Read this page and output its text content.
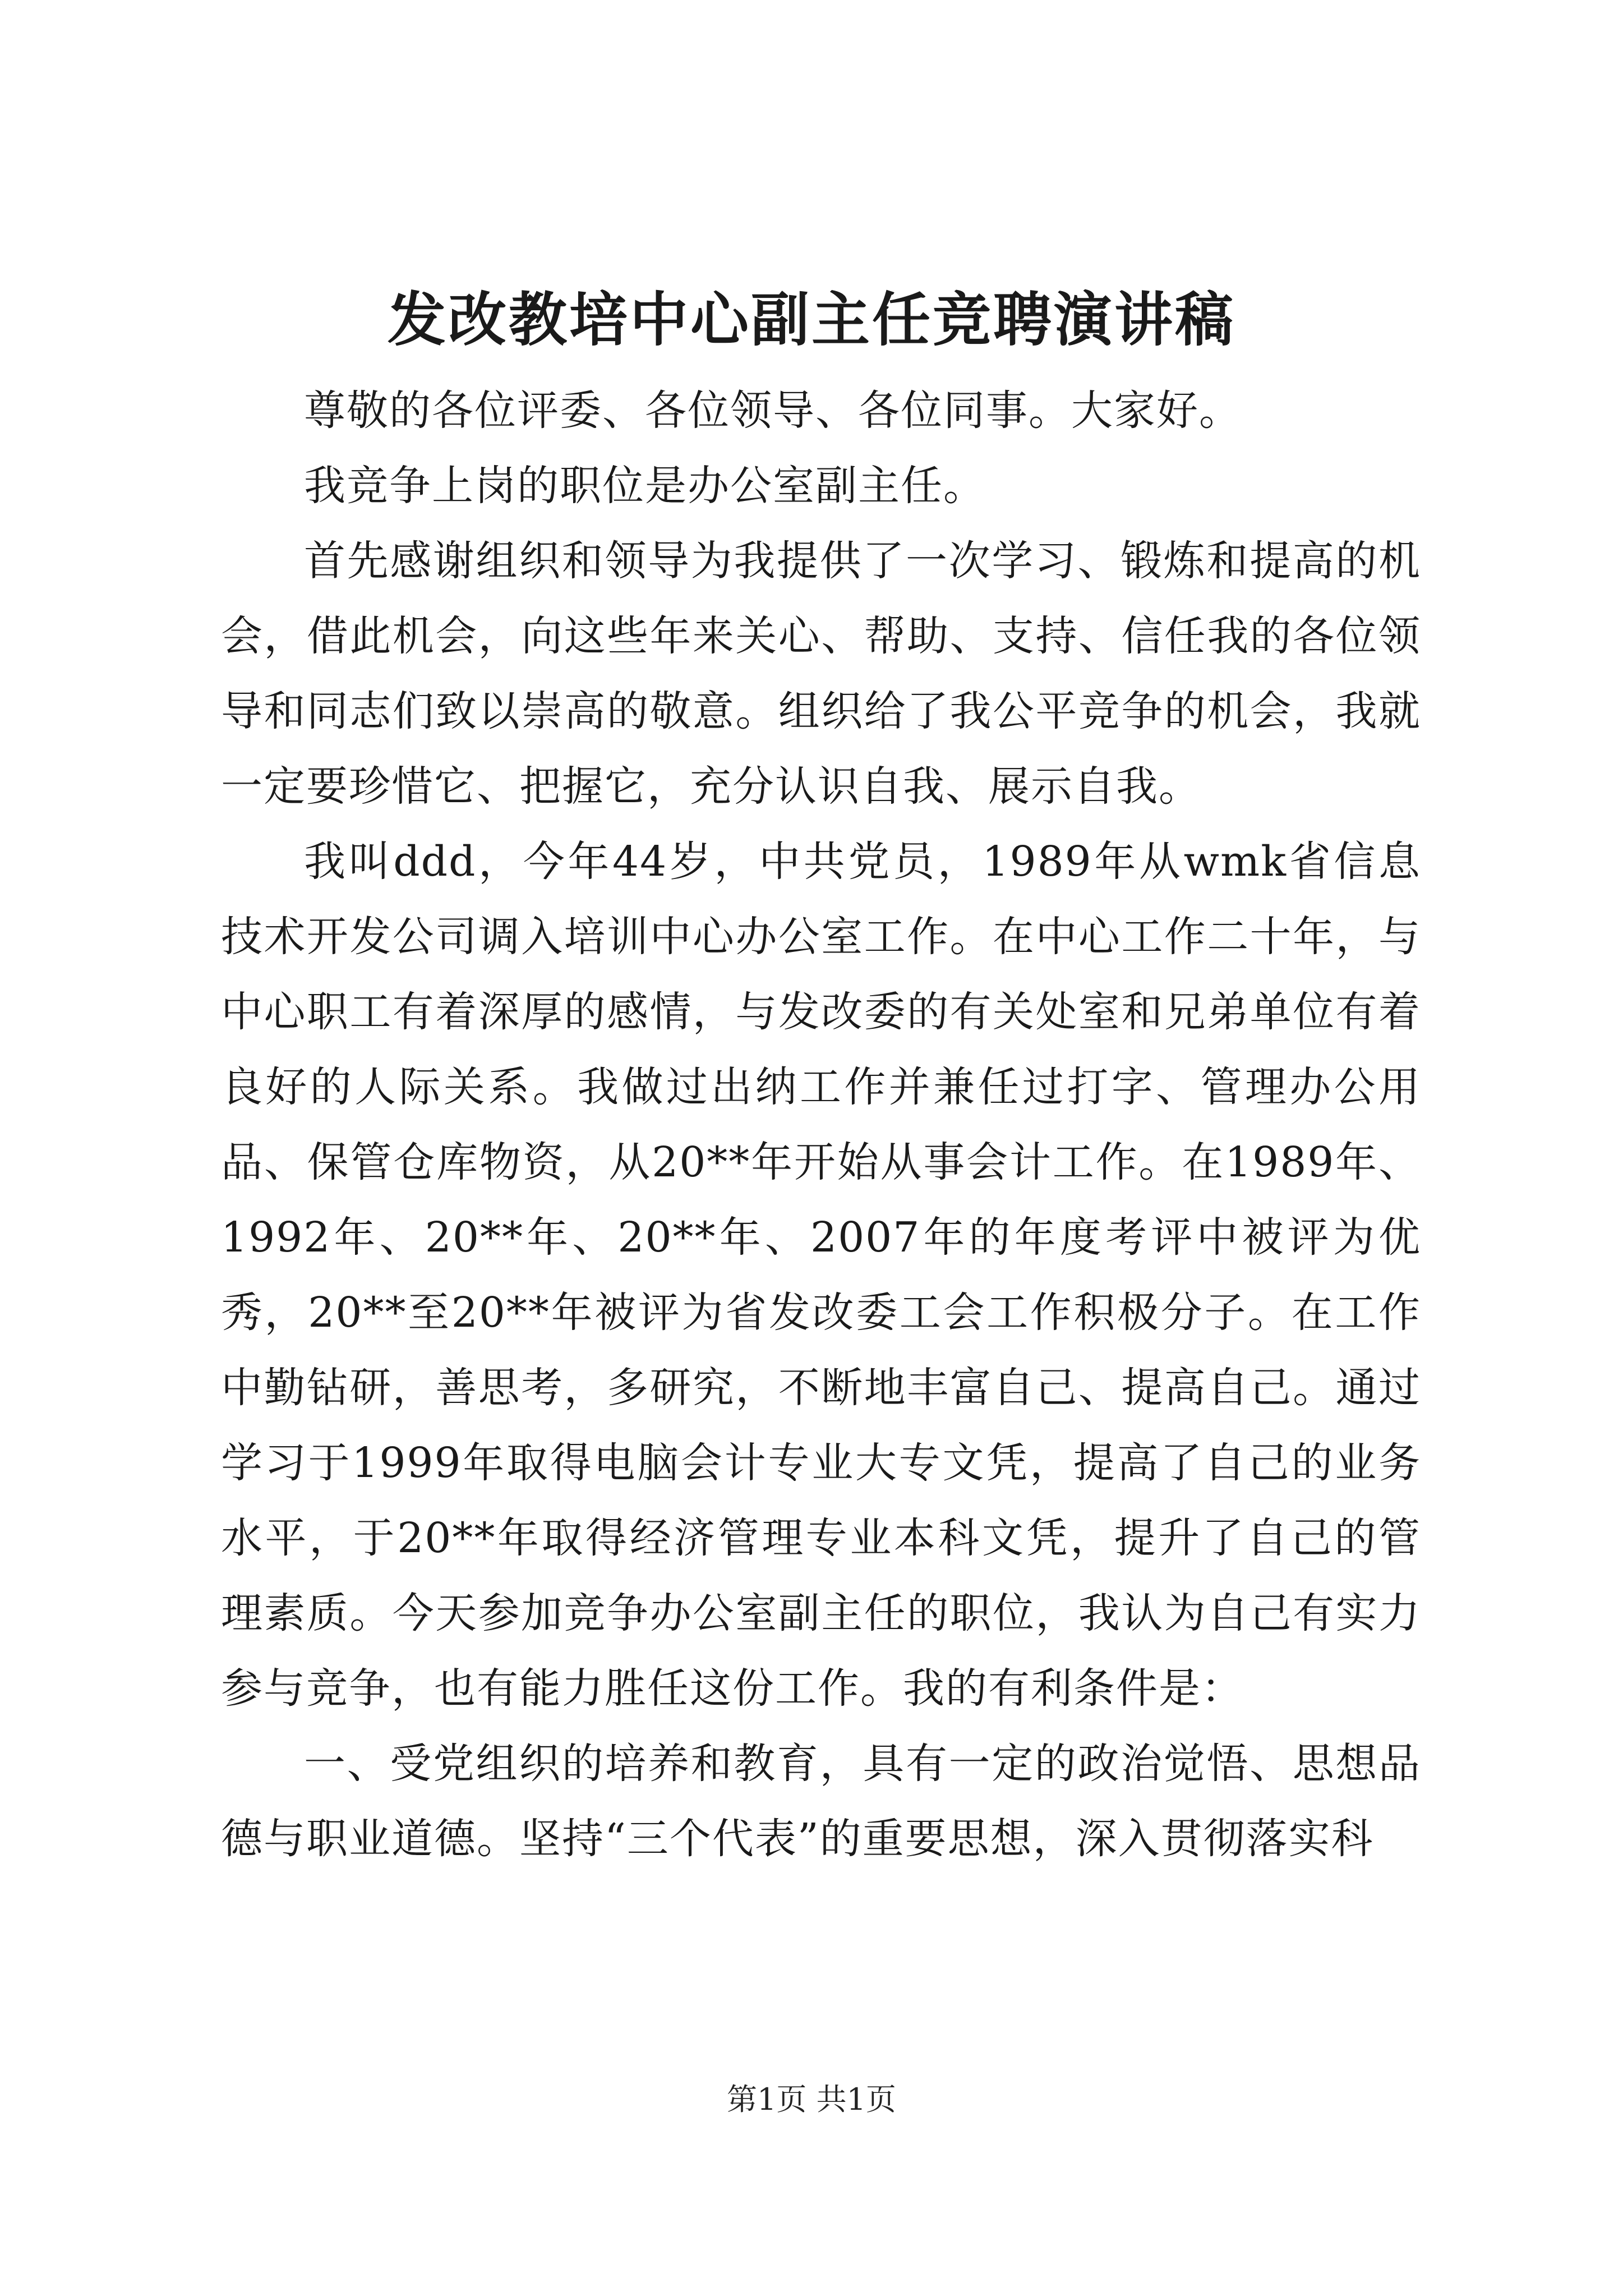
发改教培中心副主任竞聘演讲稿

尊敬的各位评委、各位领导、各位同事。大家好。

我竞争上岗的职位是办公室副主任。

首先感谢组织和领导为我提供了一次学习、锻炼和提高的机会，借此机会，向这些年来关心、帮助、支持、信任我的各位领导和同志们致以崇高的敬意。组织给了我公平竞争的机会，我就一定要珍惜它、把握它，充分认识自我、展示自我。

我叫ddd，今年44岁，中共党员，1989年从wmk省信息技术开发公司调入培训中心办公室工作。在中心工作二十年，与中心职工有着深厚的感情，与发改委的有关处室和兄弟单位有着良好的人际关系。我做过出纳工作并兼任过打字、管理办公用品、保管仓库物资，从20**年开始从事会计工作。在1989年、1992年、20**年、20**年、2007年的年度考评中被评为优秀，20**至20**年被评为省发改委工会工作积极分子。在工作中勤钻研，善思考，多研究，不断地丰富自己、提高自己。通过学习于1999年取得电脑会计专业大专文凭，提高了自己的业务水平，于20**年取得经济管理专业本科文凭，提升了自己的管理素质。今天参加竞争办公室副主任的职位，我认为自己有实力参与竞争，也有能力胜任这份工作。我的有利条件是：

一、受党组织的培养和教育，具有一定的政治觉悟、思想品德与职业道德。坚持“三个代表”的重要思想，深入贯彻落实科

第1页 共1页
